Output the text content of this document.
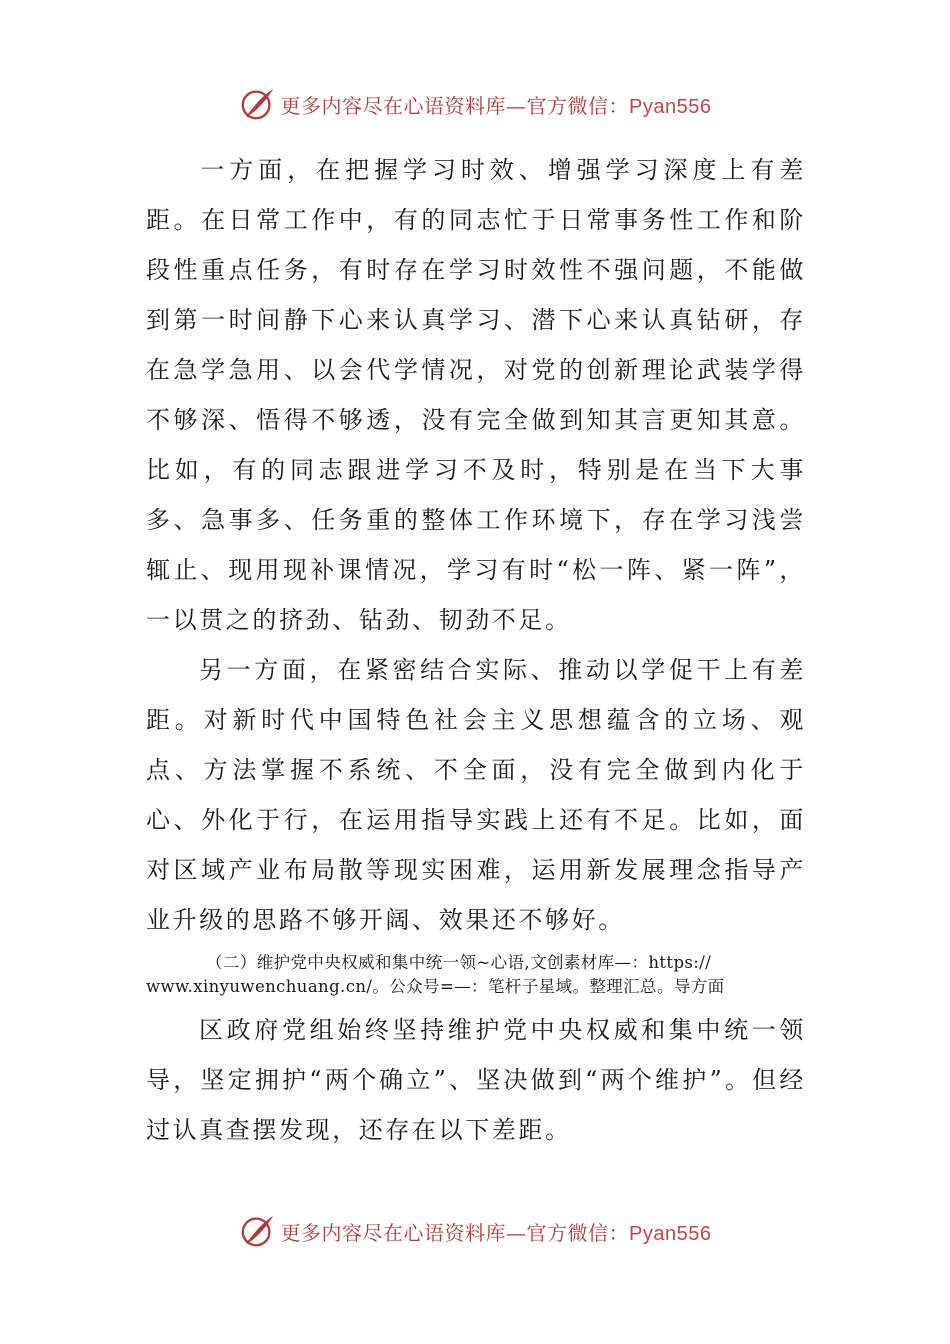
更多内容尽在心语资料库—官方微信：Pyan556

一方面，在把握学习时效、增强学习深度上有差距。在日常工作中，有的同志忙于日常事务性工作和阶段性重点任务，有时存在学习时效性不强问题，不能做到第一时间静下心来认真学习、潜下心来认真钻研，存在急学急用、以会代学情况，对党的创新理论武装学得不够深、悟得不够透，没有完全做到知其言更知其意。比如，有的同志跟进学习不及时，特别是在当下大事多、急事多、任务重的整体工作环境下，存在学习浅尝辄止、现用现补课情况，学习有时“松一阵、紧一阵”，一以贯之的挤劲、钻劲、韧劲不足。

另一方面，在紧密结合实际、推动以学促干上有差距。对新时代中国特色社会主义思想蕴含的立场、观点、方法掌握不系统、不全面，没有完全做到内化于心、外化于行，在运用指导实践上还有不足。比如，面对区域产业布局散等现实困难，运用新发展理念指导产业升级的思路不够开阔、效果还不够好。

（二）维护党中央权威和集中统一领~心语,文创素材库—：https://
www.xinyuwenchuang.cn/。公众号=—：笔杆子星域。整理汇总。导方面

区政府党组始终坚持维护党中央权威和集中统一领导，坚定拥护“两个确立”、坚决做到“两个维护”。但经过认真查摆发现，还存在以下差距。

更多内容尽在心语资料库—官方微信：Pyan556
